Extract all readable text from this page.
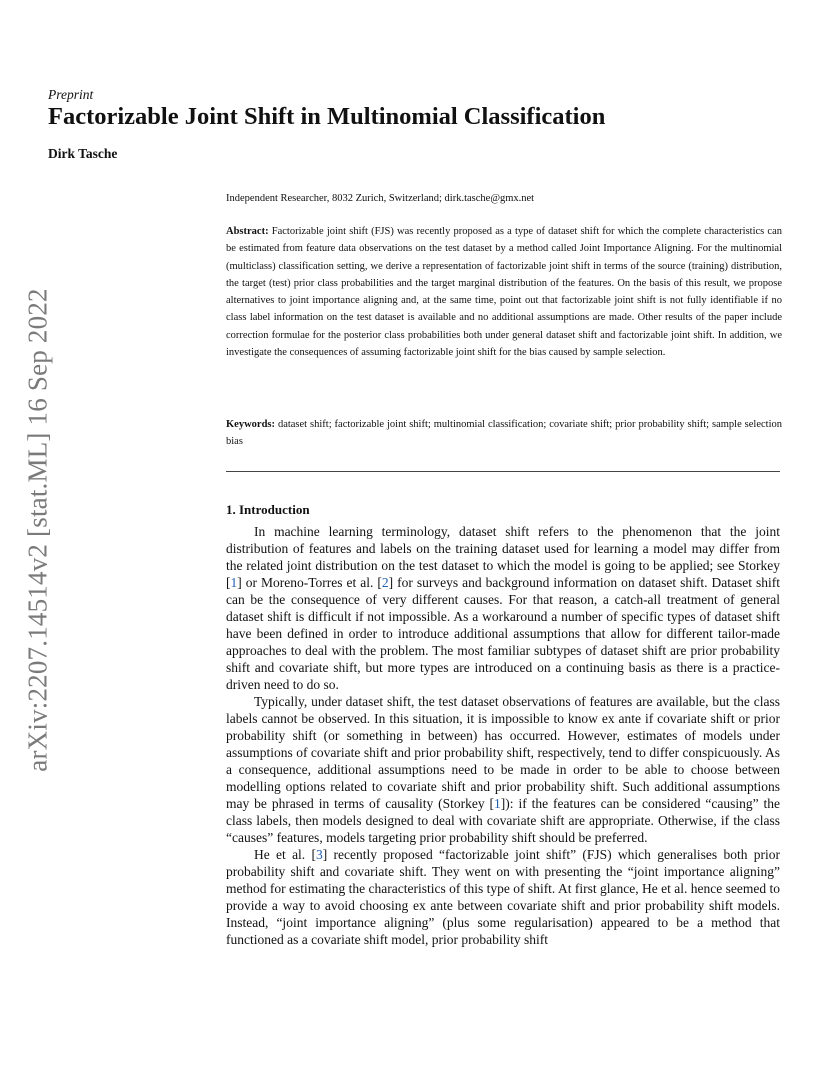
arXiv:2207.14514v2 [stat.ML] 16 Sep 2022
Preprint
Factorizable Joint Shift in Multinomial Classification
Dirk Tasche
Independent Researcher, 8032 Zurich, Switzerland; dirk.tasche@gmx.net

Abstract: Factorizable joint shift (FJS) was recently proposed as a type of dataset shift for which the complete characteristics can be estimated from feature data observations on the test dataset by a method called Joint Importance Aligning. For the multinomial (multiclass) classification setting, we derive a representation of factorizable joint shift in terms of the source (training) distribution, the target (test) prior class probabilities and the target marginal distribution of the features. On the basis of this result, we propose alternatives to joint importance aligning and, at the same time, point out that factorizable joint shift is not fully identifiable if no class label information on the test dataset is available and no additional assumptions are made. Other results of the paper include correction formulae for the posterior class probabilities both under general dataset shift and factorizable joint shift. In addition, we investigate the consequences of assuming factorizable joint shift for the bias caused by sample selection.

Keywords: dataset shift; factorizable joint shift; multinomial classification; covariate shift; prior probability shift; sample selection bias

1. Introduction

In machine learning terminology, dataset shift refers to the phenomenon that the joint distribution of features and labels on the training dataset used for learning a model may differ from the related joint distribution on the test dataset to which the model is going to be applied; see Storkey [1] or Moreno-Torres et al. [2] for surveys and background information on dataset shift. Dataset shift can be the consequence of very different causes. For that reason, a catch-all treatment of general dataset shift is difficult if not impossible. As a workaround a number of specific types of dataset shift have been defined in order to introduce additional assumptions that allow for different tailor-made approaches to deal with the problem. The most familiar subtypes of dataset shift are prior probability shift and covariate shift, but more types are introduced on a continuing basis as there is a practice-driven need to do so.

Typically, under dataset shift, the test dataset observations of features are available, but the class labels cannot be observed. In this situation, it is impossible to know ex ante if covariate shift or prior probability shift (or something in between) has occurred. However, estimates of models under assumptions of covariate shift and prior probability shift, respectively, tend to differ conspicuously. As a consequence, additional assumptions need to be made in order to be able to choose between modelling options related to covariate shift and prior probability shift. Such additional assumptions may be phrased in terms of causality (Storkey [1]): if the features can be considered “causing” the class labels, then models designed to deal with covariate shift are appropriate. Otherwise, if the class “causes” features, models targeting prior probability shift should be preferred.

He et al. [3] recently proposed “factorizable joint shift” (FJS) which generalises both prior probability shift and covariate shift. They went on with presenting the “joint importance aligning” method for estimating the characteristics of this type of shift. At first glance, He et al. hence seemed to provide a way to avoid choosing ex ante between covariate shift and prior probability shift models. Instead, “joint importance aligning” (plus some regularisation) appeared to be a method that functioned as a covariate shift model, prior probability shift
